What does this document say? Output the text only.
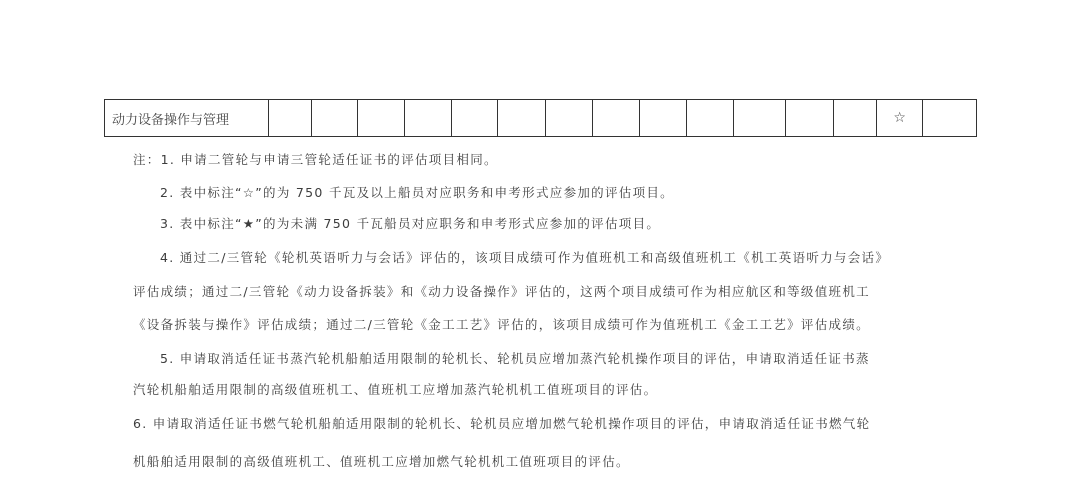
动力设备操作与管理	☆
注：1. 申请二管轮与申请三管轮适任证书的评估项目相同。
2. 表中标注“☆”的为 750 千瓦及以上船员对应职务和申考形式应参加的评估项目。
3. 表中标注“★”的为未满 750 千瓦船员对应职务和申考形式应参加的评估项目。
4. 通过二/三管轮《轮机英语听力与会话》评估的，该项目成绩可作为值班机工和高级值班机工《机工英语听力与会话》
评估成绩；通过二/三管轮《动力设备拆装》和《动力设备操作》评估的，这两个项目成绩可作为相应航区和等级值班机工
《设备拆装与操作》评估成绩；通过二/三管轮《金工工艺》评估的，该项目成绩可作为值班机工《金工工艺》评估成绩。
5. 申请取消适任证书蒸汽轮机船舶适用限制的轮机长、轮机员应增加蒸汽轮机操作项目的评估，申请取消适任证书蒸
汽轮机船舶适用限制的高级值班机工、值班机工应增加蒸汽轮机机工值班项目的评估。
6. 申请取消适任证书燃气轮机船舶适用限制的轮机长、轮机员应增加燃气轮机操作项目的评估，申请取消适任证书燃气轮
机船舶适用限制的高级值班机工、值班机工应增加燃气轮机机工值班项目的评估。
